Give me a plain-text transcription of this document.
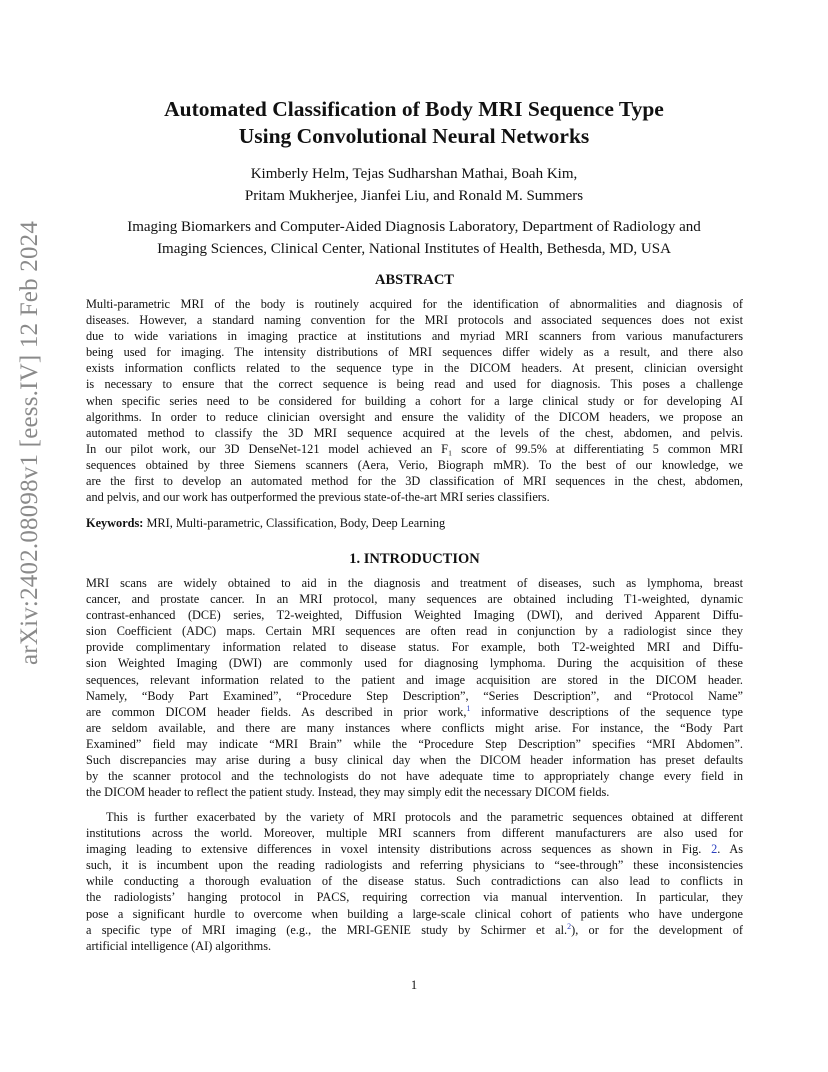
arXiv:2402.08098v1 [eess.IV] 12 Feb 2024
Automated Classification of Body MRI Sequence Type
Using Convolutional Neural Networks
Kimberly Helm, Tejas Sudharshan Mathai, Boah Kim,
Pritam Mukherjee, Jianfei Liu, and Ronald M. Summers
Imaging Biomarkers and Computer-Aided Diagnosis Laboratory, Department of Radiology and
Imaging Sciences, Clinical Center, National Institutes of Health, Bethesda, MD, USA
ABSTRACT
Multi-parametric MRI of the body is routinely acquired for the identification of abnormalities and diagnosis of
diseases. However, a standard naming convention for the MRI protocols and associated sequences does not exist
due to wide variations in imaging practice at institutions and myriad MRI scanners from various manufacturers
being used for imaging. The intensity distributions of MRI sequences differ widely as a result, and there also
exists information conflicts related to the sequence type in the DICOM headers. At present, clinician oversight
is necessary to ensure that the correct sequence is being read and used for diagnosis. This poses a challenge
when specific series need to be considered for building a cohort for a large clinical study or for developing AI
algorithms. In order to reduce clinician oversight and ensure the validity of the DICOM headers, we propose an
automated method to classify the 3D MRI sequence acquired at the levels of the chest, abdomen, and pelvis.
In our pilot work, our 3D DenseNet-121 model achieved an F₁ score of 99.5% at differentiating 5 common MRI
sequences obtained by three Siemens scanners (Aera, Verio, Biograph mMR). To the best of our knowledge, we
are the first to develop an automated method for the 3D classification of MRI sequences in the chest, abdomen,
and pelvis, and our work has outperformed the previous state-of-the-art MRI series classifiers.
Keywords: MRI, Multi-parametric, Classification, Body, Deep Learning
1. INTRODUCTION
MRI scans are widely obtained to aid in the diagnosis and treatment of diseases, such as lymphoma, breast
cancer, and prostate cancer. In an MRI protocol, many sequences are obtained including T1-weighted, dynamic
contrast-enhanced (DCE) series, T2-weighted, Diffusion Weighted Imaging (DWI), and derived Apparent Diffu-
sion Coefficient (ADC) maps. Certain MRI sequences are often read in conjunction by a radiologist since they
provide complimentary information related to disease status. For example, both T2-weighted MRI and Diffu-
sion Weighted Imaging (DWI) are commonly used for diagnosing lymphoma. During the acquisition of these
sequences, relevant information related to the patient and image acquisition are stored in the DICOM header.
Namely, “Body Part Examined”, “Procedure Step Description”, “Series Description”, and “Protocol Name”
are common DICOM header fields. As described in prior work,$^1$ informative descriptions of the sequence type
are seldom available, and there are many instances where conflicts might arise. For instance, the “Body Part
Examined” field may indicate “MRI Brain” while the “Procedure Step Description” specifies “MRI Abdomen”.
Such discrepancies may arise during a busy clinical day when the DICOM header information has preset defaults
by the scanner protocol and the technologists do not have adequate time to appropriately change every field in
the DICOM header to reflect the patient study. Instead, they may simply edit the necessary DICOM fields.
This is further exacerbated by the variety of MRI protocols and the parametric sequences obtained at different
institutions across the world. Moreover, multiple MRI scanners from different manufacturers are also used for
imaging leading to extensive differences in voxel intensity distributions across sequences as shown in Fig. 2. As
such, it is incumbent upon the reading radiologists and referring physicians to “see-through” these inconsistencies
while conducting a thorough evaluation of the disease status. Such contradictions can also lead to conflicts in
the radiologists’ hanging protocol in PACS, requiring correction via manual intervention. In particular, they
pose a significant hurdle to overcome when building a large-scale clinical cohort of patients who have undergone
a specific type of MRI imaging (e.g., the MRI-GENIE study by Schirmer et al.$^2$), or for the development of
artificial intelligence (AI) algorithms.
1
